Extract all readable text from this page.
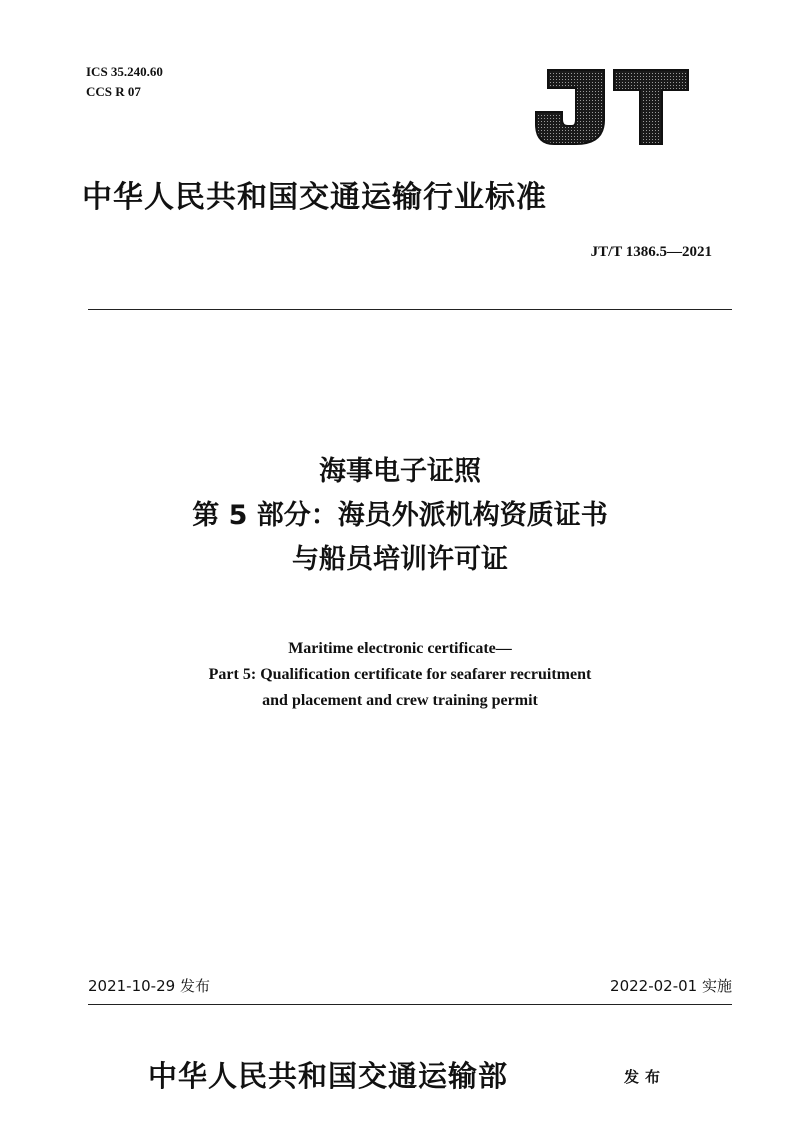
ICS 35.240.60
CCS R 07
中华人民共和国交通运输行业标准
JT/T 1386.5—2021
海事电子证照
第 5 部分：海员外派机构资质证书
与船员培训许可证
Maritime electronic certificate—
Part 5: Qualification certificate for seafarer recruitment
and placement and crew training permit
2021-10-29 发布	2022-02-01 实施
中华人民共和国交通运输部	发布
